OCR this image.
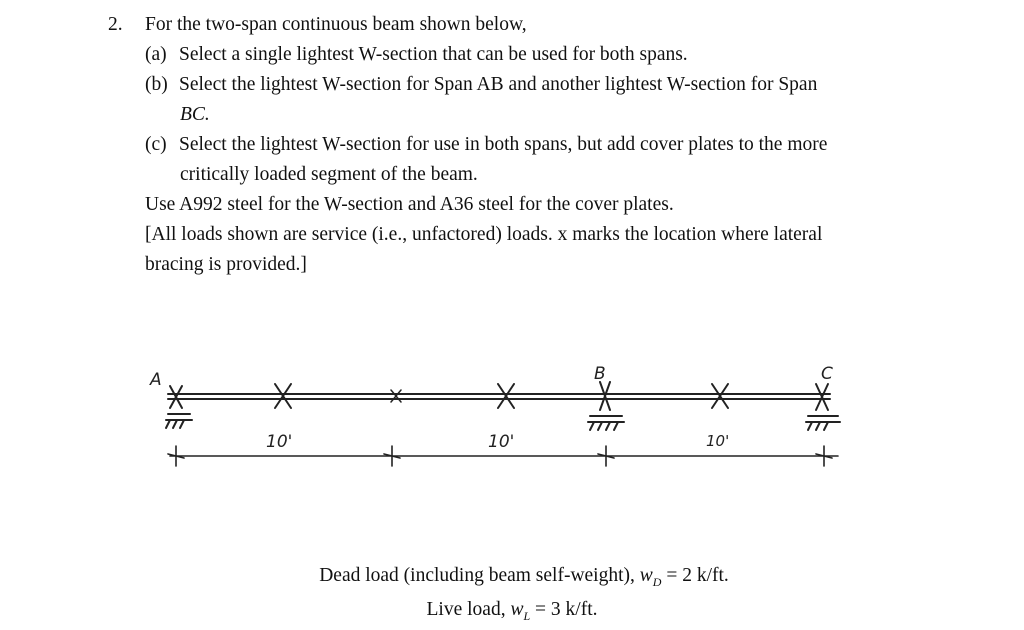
2. For the two-span continuous beam shown below,
(a) Select a single lightest W-section that can be used for both spans.
(b) Select the lightest W-section for Span AB and another lightest W-section for Span
BC.
(c) Select the lightest W-section for use in both spans, but add cover plates to the more
critically loaded segment of the beam.
Use A992 steel for the W-section and A36 steel for the cover plates.
[All loads shown are service (i.e., unfactored) loads. x marks the location where lateral
bracing is provided.]
A	B	C
10'	10'	10'
Dead load (including beam self-weight), $w_D = 2$ k/ft.
Live load, $w_L = 3$ k/ft.
